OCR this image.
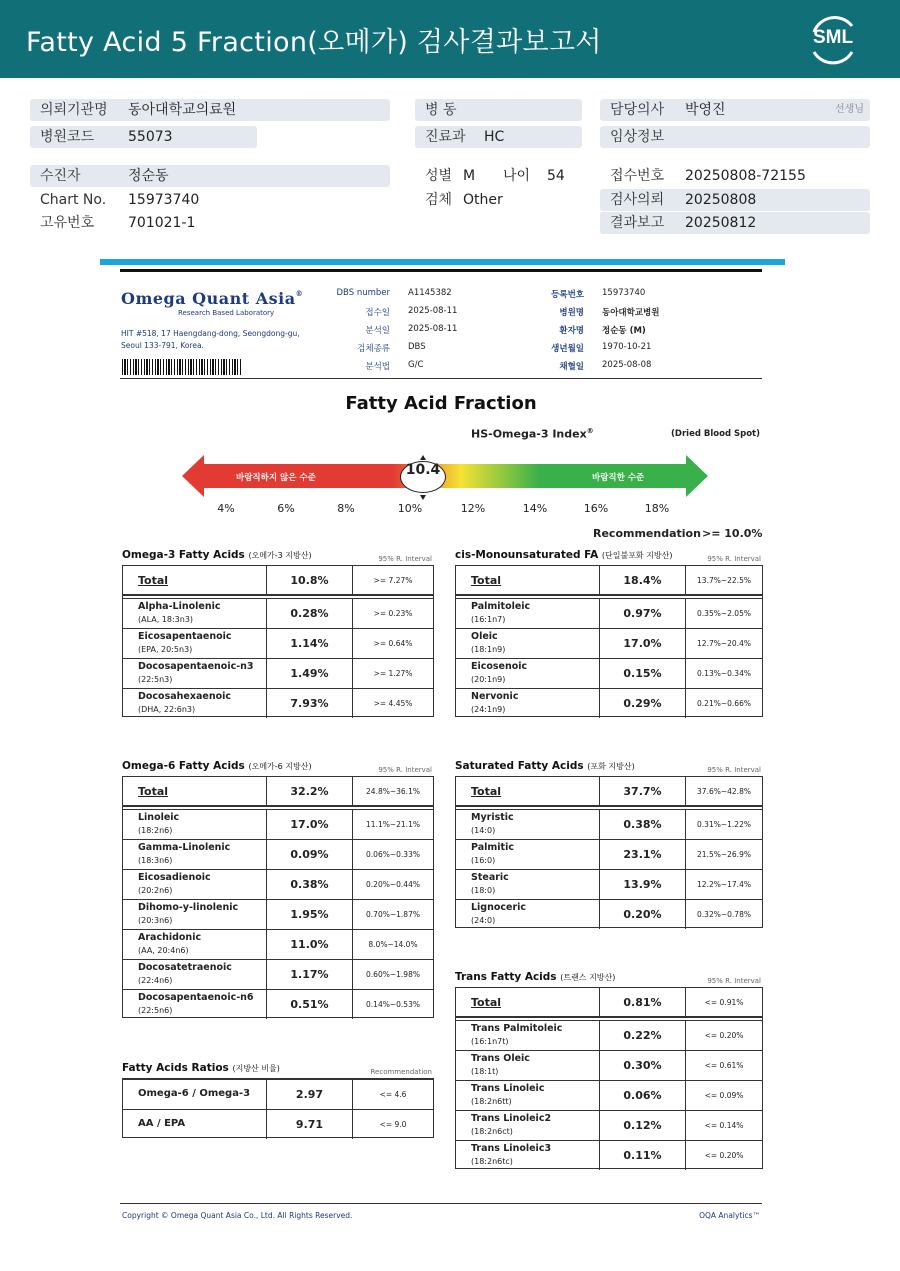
Fatty Acid 5 Fraction(오메가) 검사결과보고서	SML
의뢰기관명 동아대학교의료원
병원코드 55073
병 동
진료과 HC
담당의사 박영진	선생님
임상정보
수진자	정순동
Chart No. 15973740
고유번호 701021-1
성별 M 나이 54
검체 Other
접수번호 20250808-72155
검사의뢰 20250808
결과보고 20250812
Omega Quant Asia®
Research Based Laboratory
HIT #518, 17 Haengdang-dong, Seongdong-gu, Seoul 133-791, Korea.
DBS number A1145382
접수일 2025-08-11
분석일 2025-08-11
검체종류 DBS
분석법 G/C
등록번호 15973740
병원명 동아대학교병원
환자명 정순동 (M)
생년월일 1970-10-21
채혈일 2025-08-08
Fatty Acid Fraction
HS-Omega-3 Index®	(Dried Blood Spot)
바람직하지 않은 수준	바람직한 수준
10.4
4%	6%	8%	10%	12%	14%	16%	18%
Recommendation >= 10.0%
Omega-3 Fatty Acids (오메가-3 지방산)	95% R. Interval
Total	10.8%	>= 7.27%
Alpha-Linolenic
(ALA, 18:3n3)	0.28%	>= 0.23%
Eicosapentaenoic
(EPA, 20:5n3)	1.14%	>= 0.64%
Docosapentaenoic-n3
(22:5n3)	1.49%	>= 1.27%
Docosahexaenoic
(DHA, 22:6n3)	7.93%	>= 4.45%
cis-Monounsaturated FA (단일불포화 지방산)	95% R. Interval
Total	18.4%	13.7%~22.5%
Palmitoleic
(16:1n7)	0.97%	0.35%~2.05%
Oleic
(18:1n9)	17.0%	12.7%~20.4%
Eicosenoic
(20:1n9)	0.15%	0.13%~0.34%
Nervonic
(24:1n9)	0.29%	0.21%~0.66%
Omega-6 Fatty Acids (오메가-6 지방산)	95% R. Interval
Total	32.2%	24.8%~36.1%
Linoleic
(18:2n6)	17.0%	11.1%~21.1%
Gamma-Linolenic
(18:3n6)	0.09%	0.06%~0.33%
Eicosadienoic
(20:2n6)	0.38%	0.20%~0.44%
Dihomo-y-linolenic
(20:3n6)	1.95%	0.70%~1.87%
Arachidonic
(AA, 20:4n6)	11.0%	8.0%~14.0%
Docosatetraenoic
(22:4n6)	1.17%	0.60%~1.98%
Docosapentaenoic-n6
(22:5n6)	0.51%	0.14%~0.53%
Saturated Fatty Acids (포화 지방산)	95% R. Interval
Total	37.7%	37.6%~42.8%
Myristic
(14:0)	0.38%	0.31%~1.22%
Palmitic
(16:0)	23.1%	21.5%~26.9%
Stearic
(18:0)	13.9%	12.2%~17.4%
Lignoceric
(24:0)	0.20%	0.32%~0.78%
Trans Fatty Acids (트랜스 지방산)	95% R. Interval
Total	0.81%	<= 0.91%
Trans Palmitoleic
(16:1n7t)	0.22%	<= 0.20%
Trans Oleic
(18:1t)	0.30%	<= 0.61%
Trans Linoleic
(18:2n6tt)	0.06%	<= 0.09%
Trans Linoleic2
(18:2n6ct)	0.12%	<= 0.14%
Trans Linoleic3
(18:2n6tc)	0.11%	<= 0.20%
Fatty Acids Ratios (지방산 비율)	Recommendation
Omega-6 / Omega-3	2.97	<= 4.6
AA / EPA	9.71	<= 9.0
Copyright © Omega Quant Asia Co., Ltd. All Rights Reserved.	OQA Analytics™
